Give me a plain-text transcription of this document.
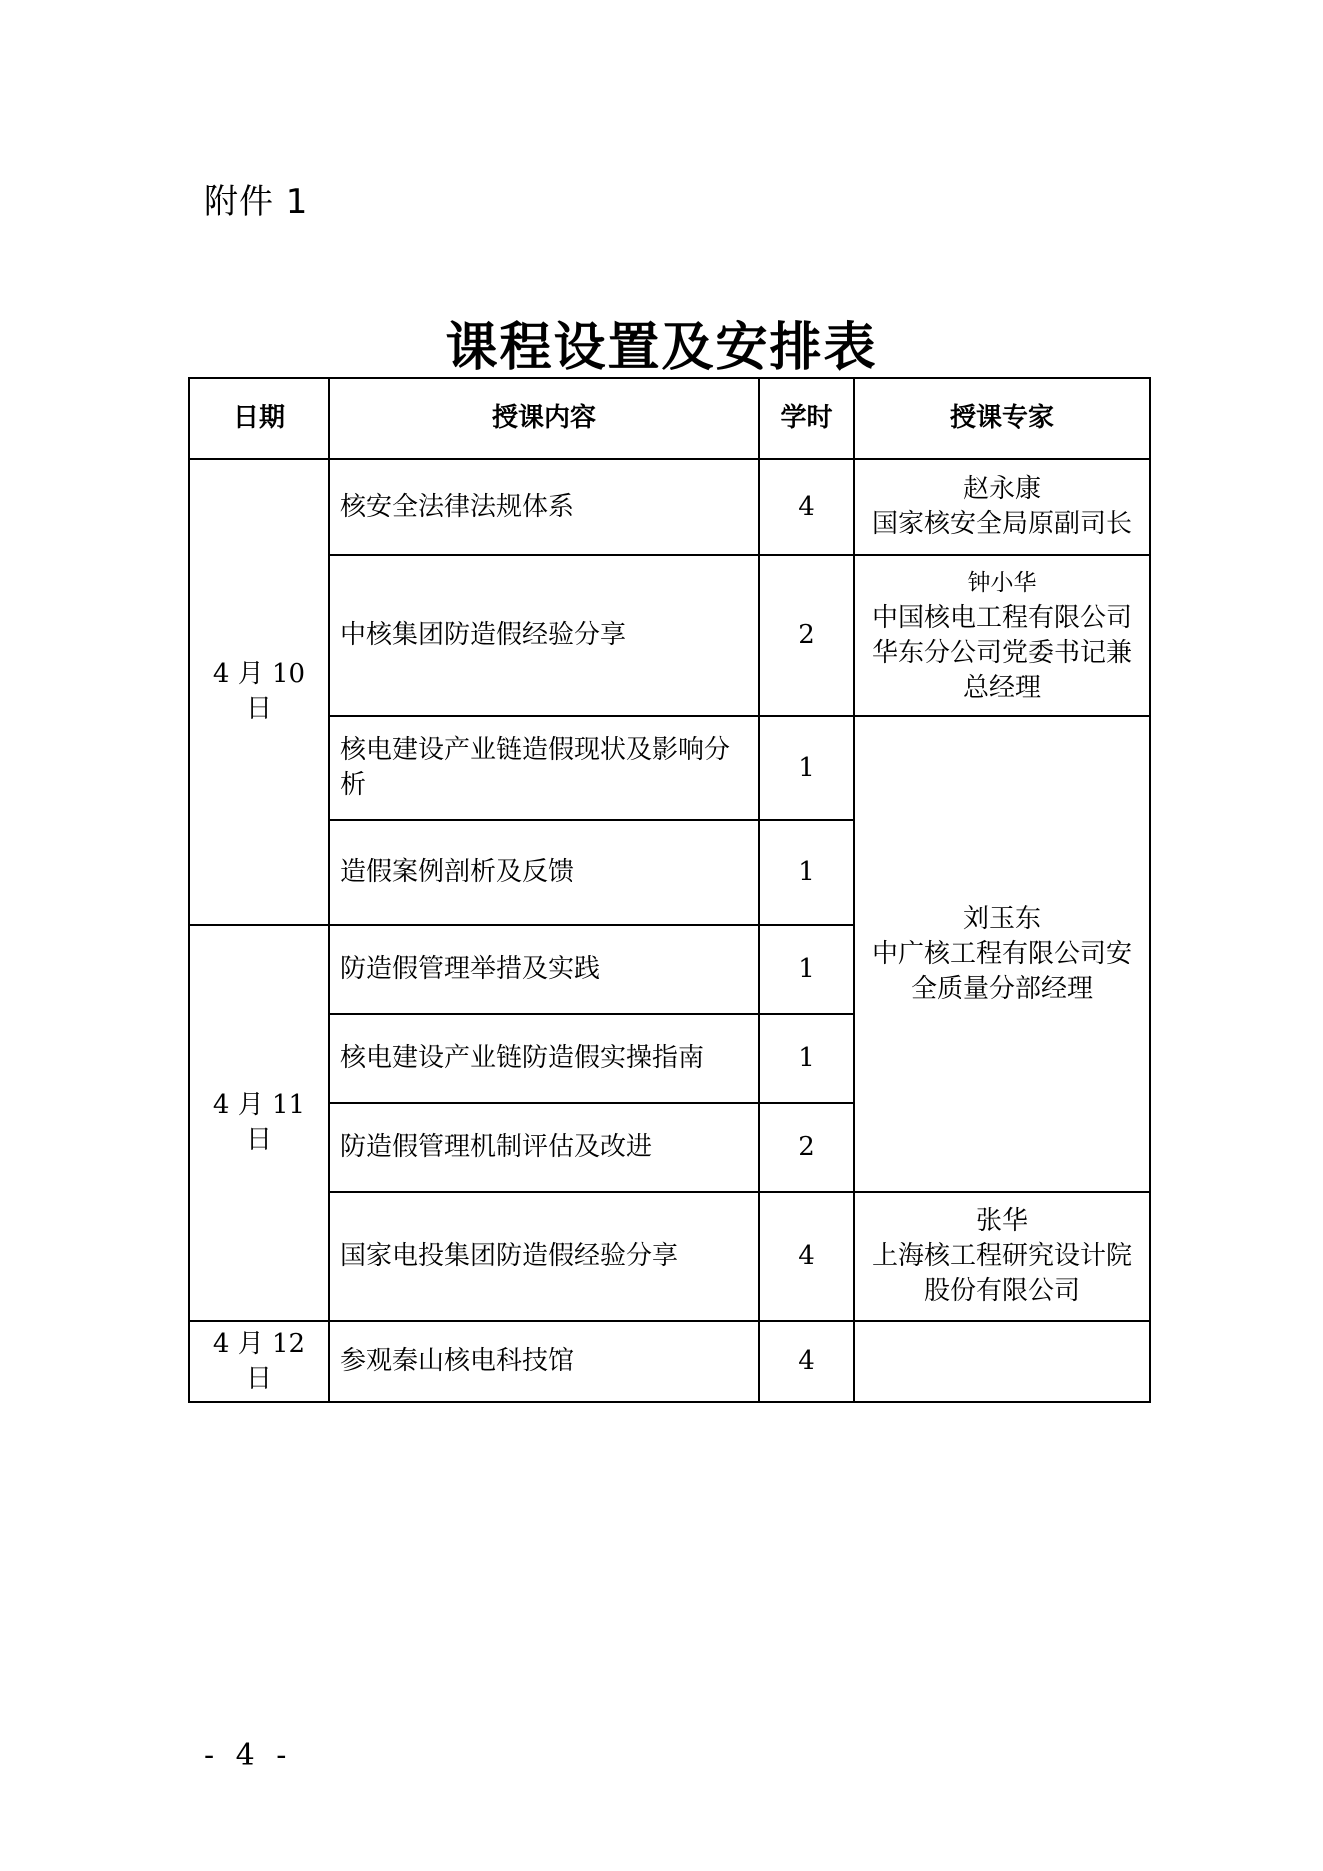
附件 1
课程设置及安排表
日期	授课内容	学时	授课专家
4 月 10 日	核安全法律法规体系	4	赵永康
国家核安全局原副司长

	中核集团防造假经验分享	2	钟小华
中国核电工程有限公司华东分公司党委书记兼总经理

	核电建设产业链造假现状及影响分析	1	刘玉东
中广核工程有限公司安全质量分部经理

	造假案例剖析及反馈	1	
4 月 11 日	防造假管理举措及实践	1	
	核电建设产业链防造假实操指南	1	
	防造假管理机制评估及改进	2	
	国家电投集团防造假经验分享	4	张华
上海核工程研究设计院股份有限公司

4 月 12 日	参观秦山核电科技馆	4	
- 4 -
